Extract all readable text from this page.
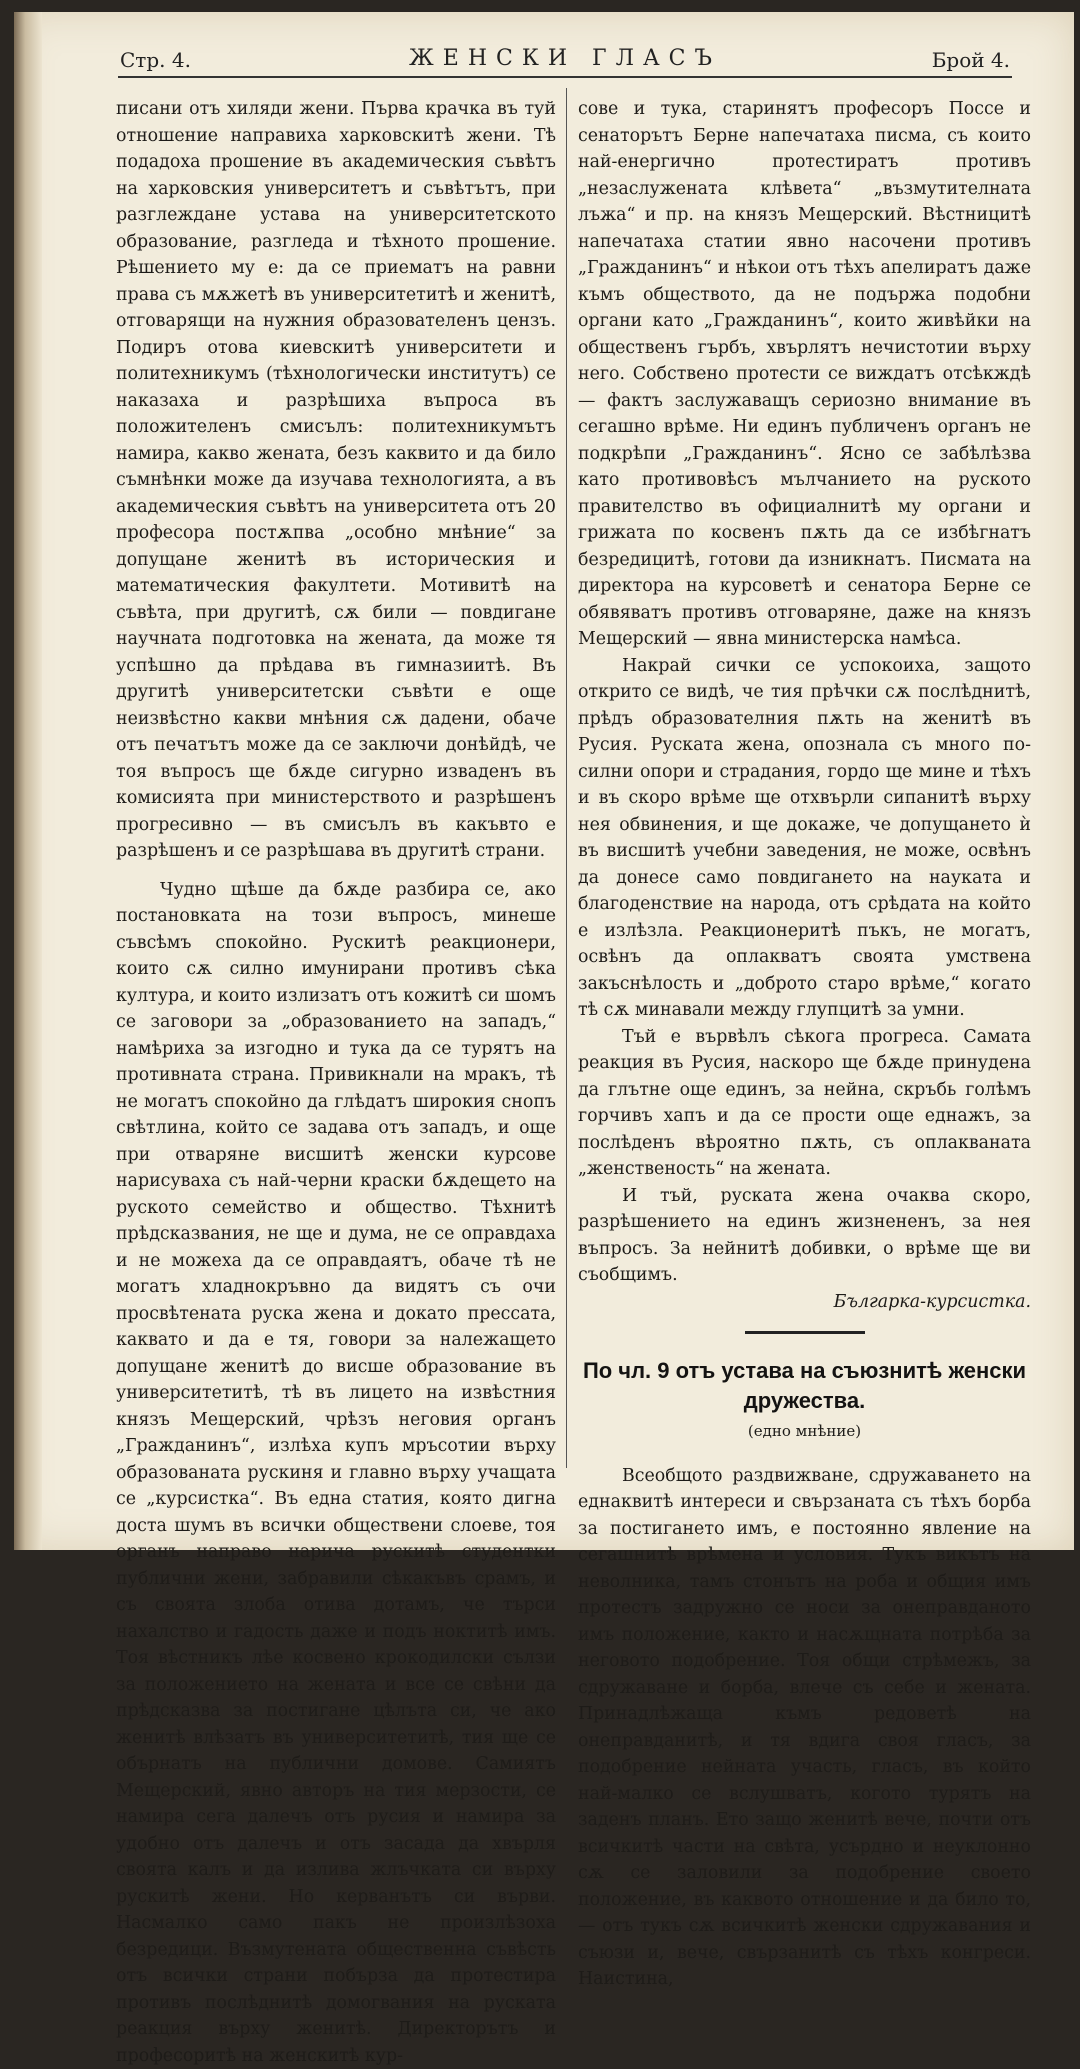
Стр. 4.	ЖЕНСКИ ГЛАСЪ	Брой 4.

писани отъ хиляди жени. Първа крачка въ туй отношение направиха харковскитѣ жени. Тѣ подадоха прошение въ академическия съвѣтъ на харковския университетъ и съвѣтътъ, при разглеждане устава на университетското образование, разгледа и тѣхното прошение. Рѣшението му е: да се приематъ на равни права съ мѫжетѣ въ университетитѣ и женитѣ, отговарящи на нужния образователенъ цензъ. Подиръ отова киевскитѣ университети и политехникумъ (тѣхнологически институтъ) се наказаха и разрѣшиха въпроса въ положителенъ смисълъ: политехникумътъ намира, какво жената, безъ каквито и да било съмнѣнки може да изучава технологията, а въ академическия съвѣтъ на университета отъ 20 професора постѫпва „особно мнѣние“ за допущане женитѣ въ историческия и математическия факултети. Мотивитѣ на съвѣта, при другитѣ, сѫ били — повдигане научната подготовка на жената, да може тя успѣшно да прѣдава въ гимназиитѣ. Въ другитѣ университетски съвѣти е още неизвѣстно какви мнѣния сѫ дадени, обаче отъ печатътъ може да се заключи донѣйдѣ, че тоя въпросъ ще бѫде сигурно изваденъ въ комисията при министерството и разрѣшенъ прогресивно — въ смисълъ въ какъвто е разрѣшенъ и се разрѣшава въ другитѣ страни.

Чудно щѣше да бѫде разбира се, ако постановката на този въпросъ, минеше съвсѣмъ спокойно. Рускитѣ реакционери, които сѫ силно имунирани противъ сѣка култура, и които излизатъ отъ кожитѣ си шомъ се заговори за „образованието на западъ,“ намѣриха за изгодно и тука да се турятъ на противната страна. Привикнали на мракъ, тѣ не могатъ спокойно да глѣдатъ широкия снопъ свѣтлина, който се задава отъ западъ, и още при отваряне висшитѣ женски курсове нарисуваха съ най-черни краски бѫдещето на руското семейство и общество. Тѣхнитѣ прѣдсказвания, не ще и дума, не се оправдаха и не можеха да се оправдаятъ, обаче тѣ не могатъ хладнокръвно да видятъ съ очи просвѣтената руска жена и докато прессата, каквато и да е тя, говори за належащето допущане женитѣ до висше образование въ университетитѣ, тѣ въ лицето на извѣстния князъ Мещерский, чрѣзъ неговия органъ „Гражданинъ“, излѣха купъ мръсотии върху образованата рускиня и главно върху учащата се „курсистка“. Въ една статия, която дигна доста шумъ въ всички обществени слоеве, тоя органъ направо нарича рускитѣ студентки публични жени, забравили сѣкакъвъ срамъ, и съ своята злоба отива дотамъ, че търси нахалство и гадость даже и подъ ноктитѣ имъ. Тоя вѣстникъ лѣе косвено крокодилски сълзи за положението на жената и все се свѣни да прѣдсказва за постигане цѣлъта си, че ако женитѣ влѣзатъ въ университетитѣ, тия ще се обърнатъ на публични домове. Самиятъ Мещерский, явно авторъ на тия мерзости, се намира сега далечъ отъ русия и намира за удобно отъ далечъ и отъ засада да хвърля своята калъ и да излива жлъчката си върху рускитѣ жени. Но керванътъ си върви. Насмалко само пакъ не произлѣзоха безредици. Възмутената общественна съвѣсть отъ всички страни побърза да протестира противъ послѣднитѣ домогвания на руската реакция върху женитѣ. Директорътъ и професоритѣ на женскитѣ кур-

сове и тука, старинятъ професоръ Поссе и сенаторътъ Берне напечатаха писма, съ които най-енергично протестиратъ противъ „незаслужената клѣвета“ „възмутителната лъжа“ и пр. на князъ Мещерский. Вѣстницитѣ напечатаха статии явно насочени противъ „Гражданинъ“ и нѣкои отъ тѣхъ апелиратъ даже къмъ обществото, да не подържа подобни органи като „Гражданинъ“, които живѣйки на общественъ гърбъ, хвърлятъ нечистотии върху него. Собствено протести се виждатъ отсѣкждѣ — фактъ заслужаващъ сериозно внимание въ сегашно врѣме. Ни единъ публиченъ органъ не подкрѣпи „Гражданинъ“. Ясно се забѣлѣзва като противовѣсъ мълчанието на руското правителство въ официалнитѣ му органи и грижата по косвенъ пѫть да се избѣгнатъ безредицитѣ, готови да изникнатъ. Писмата на директора на курсоветѣ и сенатора Берне се обявяватъ противъ отговаряне, даже на князъ Мещерский — явна министерска намѣса.

Накрай сички се успокоиха, защото открито се видѣ, че тия прѣчки сѫ послѣднитѣ, прѣдъ образователния пѫть на женитѣ въ Русия. Руската жена, опознала съ много по-силни опори и страдания, гордо ще мине и тѣхъ и въ скоро врѣме ще отхвърли сипанитѣ върху нея обвинения, и ще докаже, че допущането ѝ въ висшитѣ учебни заведения, не може, освѣнъ да донесе само повдигането на науката и благоденствие на народа, отъ срѣдата на който е излѣзла. Реакционеритѣ пъкъ, не могатъ, освѣнъ да оплакватъ своята умствена закъснѣлость и „доброто старо врѣме,“ когато тѣ сѫ минавали между глупцитѣ за умни.

Тъй е вървѣлъ сѣкога прогреса. Самата реакция въ Русия, наскоро ще бѫде принудена да глътне още единъ, за нейна, скръбь голѣмъ горчивъ хапъ и да се прости още еднажъ, за послѣденъ вѣроятно пѫть, съ оплакваната „женственость“ на жената.

И тъй, руската жена очаква скоро, разрѣшението на единъ жизнененъ, за нея въпросъ. За нейнитѣ добивки, о врѣме ще ви съобщимъ.

Българка-курсистка.

По чл. 9 отъ устава на съюзнитѣ женски дружества.
(едно мнѣние)

Всеобщото раздвижване, сдружаването на еднаквитѣ интереси и свързаната съ тѣхъ борба за постигането имъ, е постоянно явление на сегашнитѣ врѣмена и условия. Тукъ викътъ на неволника, тамъ стонътъ на роба и общия имъ протестъ задружно се носи за онеправданото имъ положение, както и насѫщната потрѣба за неговото подобрение. Тоя общи стрѣмежъ, за сдружаване и борба, влече съ себе и жената. Принадлѣжаща къмъ редоветѣ на онеправданитѣ, и тя вдига своя гласъ, за подобрение нейната участь, гласъ, въ който най-малко се вслушватъ, когото турятъ на заденъ планъ. Ето защо женитѣ вече, почти отъ всичкитѣ части на свѣта, усърдно и неуклонно сѫ се заловили за подобрение своето положение, въ каквото отношение и да било то, — отъ тукъ сѫ всичкитѣ женски сдружавания и съюзи и, вече, свързанитѣ съ тѣхъ конгреси. Наистина,
